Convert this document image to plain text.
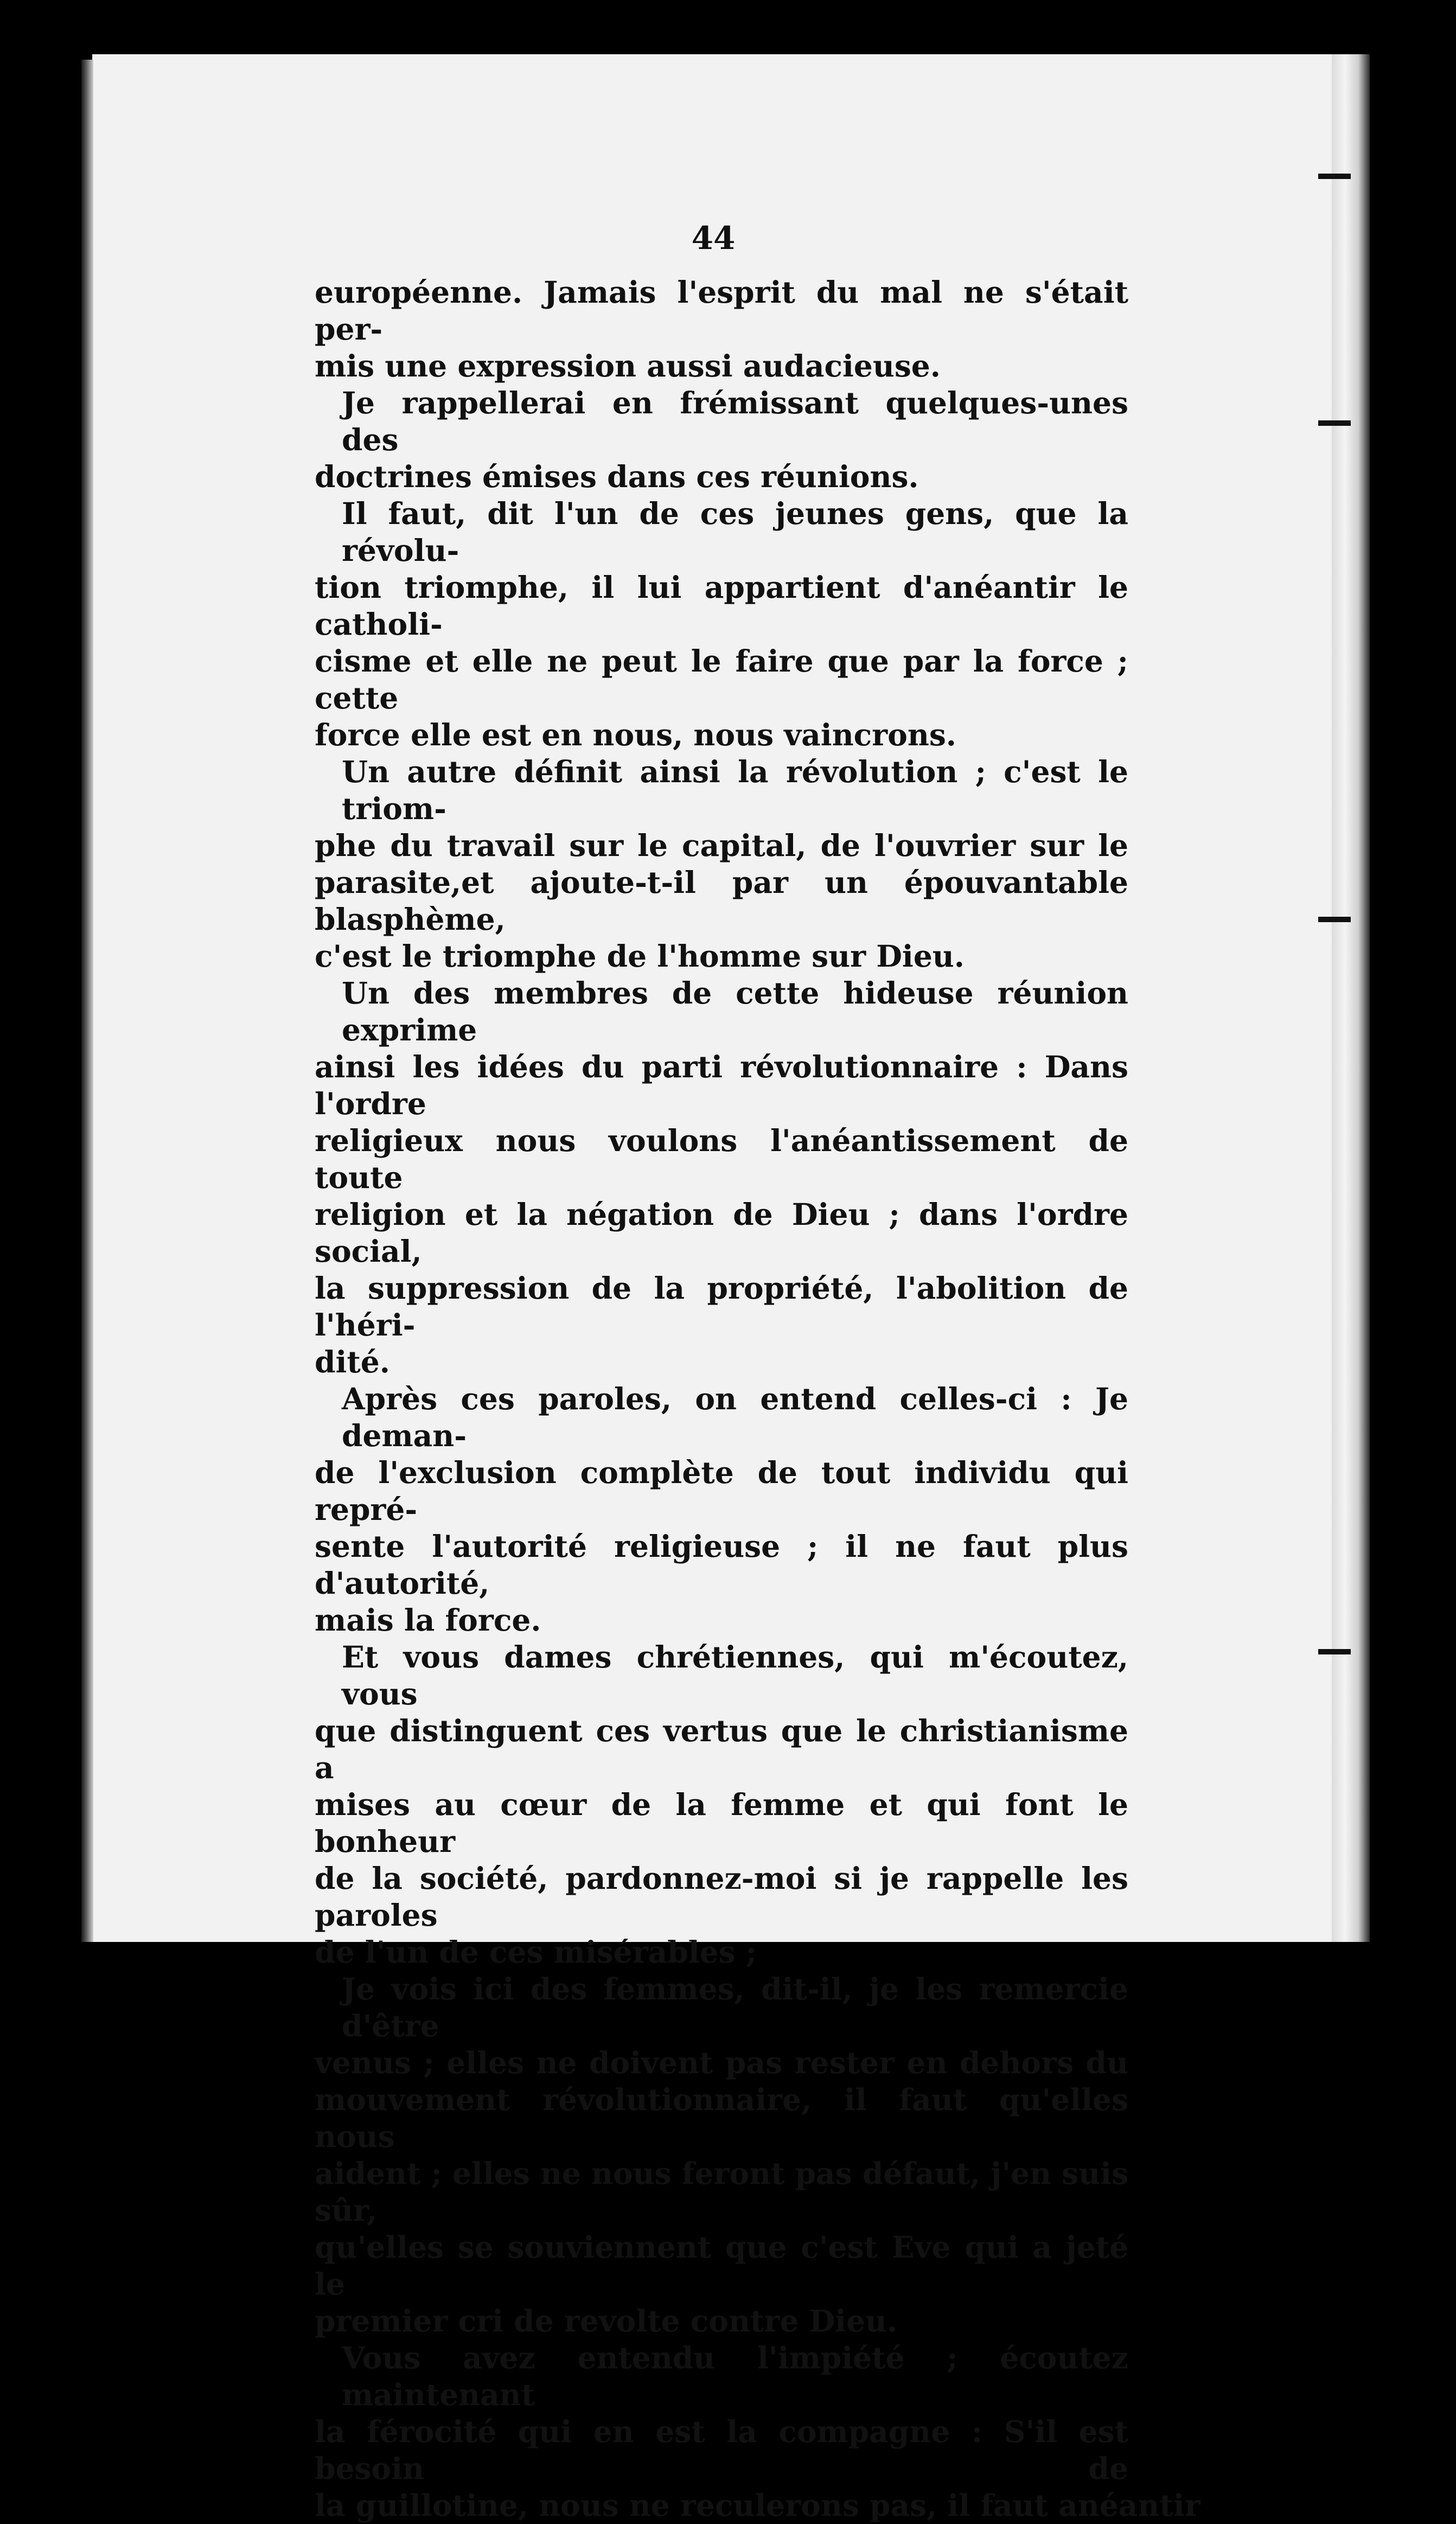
44
européenne. Jamais l'esprit du mal ne s'était per-
mis une expression aussi audacieuse.
Je rappellerai en frémissant quelques-unes des
doctrines émises dans ces réunions.
Il faut, dit l'un de ces jeunes gens, que la révolu-
tion triomphe, il lui appartient d'anéantir le catholi-
cisme et elle ne peut le faire que par la force ; cette
force elle est en nous, nous vaincrons.
Un autre définit ainsi la révolution ; c'est le triom-
phe du travail sur le capital, de l'ouvrier sur le
parasite,et ajoute-t-il par un épouvantable blasphème,
c'est le triomphe de l'homme sur Dieu.
Un des membres de cette hideuse réunion exprime
ainsi les idées du parti révolutionnaire : Dans l'ordre
religieux nous voulons l'anéantissement de toute
religion et la négation de Dieu ; dans l'ordre social,
la suppression de la propriété, l'abolition de l'héri-
dité.
Après ces paroles, on entend celles-ci : Je deman-
de l'exclusion complète de tout individu qui repré-
sente l'autorité religieuse ; il ne faut plus d'autorité,
mais la force.
Et vous dames chrétiennes, qui m'écoutez, vous
que distinguent ces vertus que le christianisme a
mises au cœur de la femme et qui font le bonheur
de la société, pardonnez-moi si je rappelle les paroles
de l'un de ces misérables ;
Je vois ici des femmes, dit-il, je les remercie d'être
venus ; elles ne doivent pas rester en dehors du
mouvement révolutionnaire, il faut qu'elles nous
aident ; elles ne nous feront pas défaut, j'en suis sûr,
qu'elles se souviennent que c'est Eve qui a jeté le
premier cri de revolte contre Dieu.
Vous avez entendu l'impiété ; écoutez maintenant
la férocité qui en est la compagne : S'il est besoin de
la guillotine, nous ne reculerons pas, il faut anéantir
